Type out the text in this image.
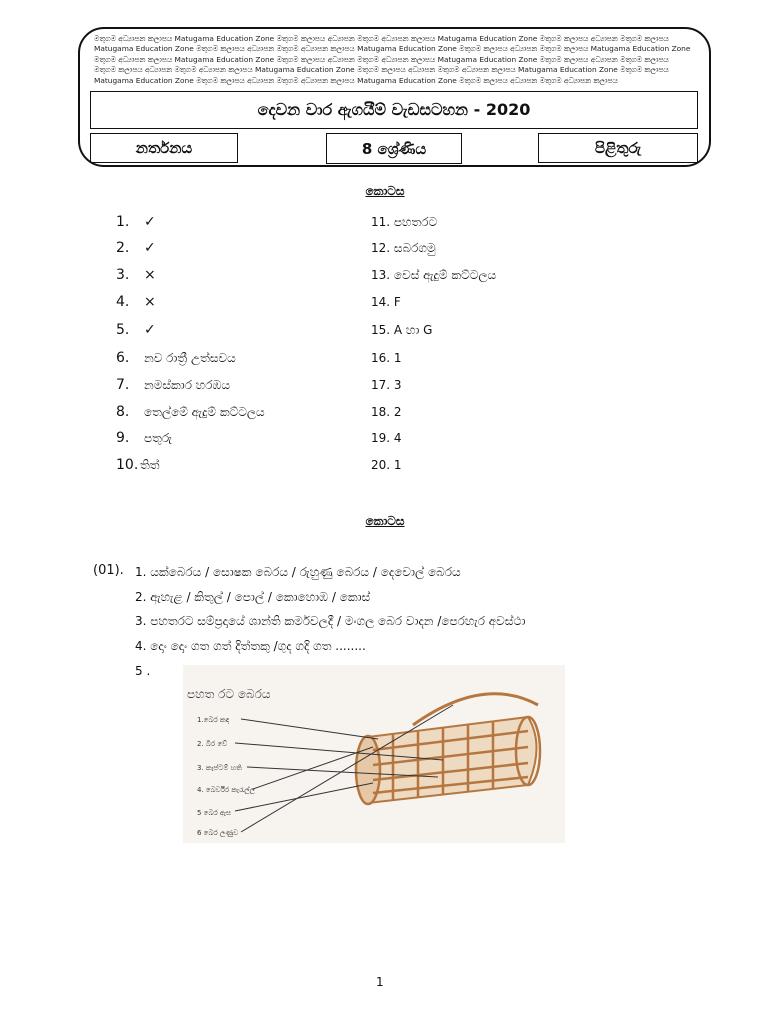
මතුගම අධ්‍යාපන කලාපය Matugama Education Zone මතුගම කලාපය අධ්‍යාපන මතුගම අධ්‍යාපන කලාපය Matugama Education Zone මතුගම කලාපය අධ්‍යාපන මතුගම කලාපය
Matugama Education Zone මතුගම කලාපය අධ්‍යාපන මතුගම අධ්‍යාපන කලාපය Matugama Education Zone මතුගම කලාපය අධ්‍යාපන මතුගම කලාපය Matugama Education Zone
මතුගම අධ්‍යාපන කලාපය Matugama Education Zone මතුගම කලාපය අධ්‍යාපන මතුගම අධ්‍යාපන කලාපය Matugama Education Zone මතුගම කලාපය අධ්‍යාපන මතුගම කලාපය
මතුගම කලාපය අධ්‍යාපන මතුගම අධ්‍යාපන කලාපය Matugama Education Zone මතුගම කලාපය අධ්‍යාපන මතුගම අධ්‍යාපන කලාපය Matugama Education Zone මතුගම කලාපය
Matugama Education Zone මතුගම කලාපය අධ්‍යාපන මතුගම අධ්‍යාපන කලාපය Matugama Education Zone මතුගම කලාපය අධ්‍යාපන මතුගම අධ්‍යාපන කලාපය
දෙවන වාර ඇගයීම් වැඩසටහන - 2020
නර්තනය	8 ශ්‍රේණිය	පිළිතුරු
කොටස
1. ✓
2. ✓
3. ×
4. ×
5. ✓
6. නව රාත්‍රී උත්සවය
7. නමස්කාර හරඹය
8. තෙල්මේ ඇදුම් කට්ටලය
9. පතුරු
10. තිත්
11. පහතරට
12. සබරගමු
13. වෙස් ඇදුම් කට්ටලය
14. F
15. A හා G
16. 1
17. 3
18. 2
19. 4
20. 1
කොටස
(01). 1. යක්බෙරය / සොෂක බෙරය / රුහුණු බෙරය / දෙවොල් බෙරය
2. ඇහැළ / කිතුල් / පොල් / කොහොඹ / කොස්
3. පහතරට සම්ප්‍රදායේ ශාන්ති කර්මවලදී / මංගල බෙර වාදන /පෙරහැර අවස්ථා
4. දොං දොං ගත ගත් දිත්තකු /ගුද ගදි ගත ........
5 .
පහත රට බෙරය
1.බෙර කඳ
2. බිර වේ
3. කැප්ටම් හති
4. බෙර්වීර කැරැල්ල
5 බෙර ඇස
6 බෙර ලණුව
1
